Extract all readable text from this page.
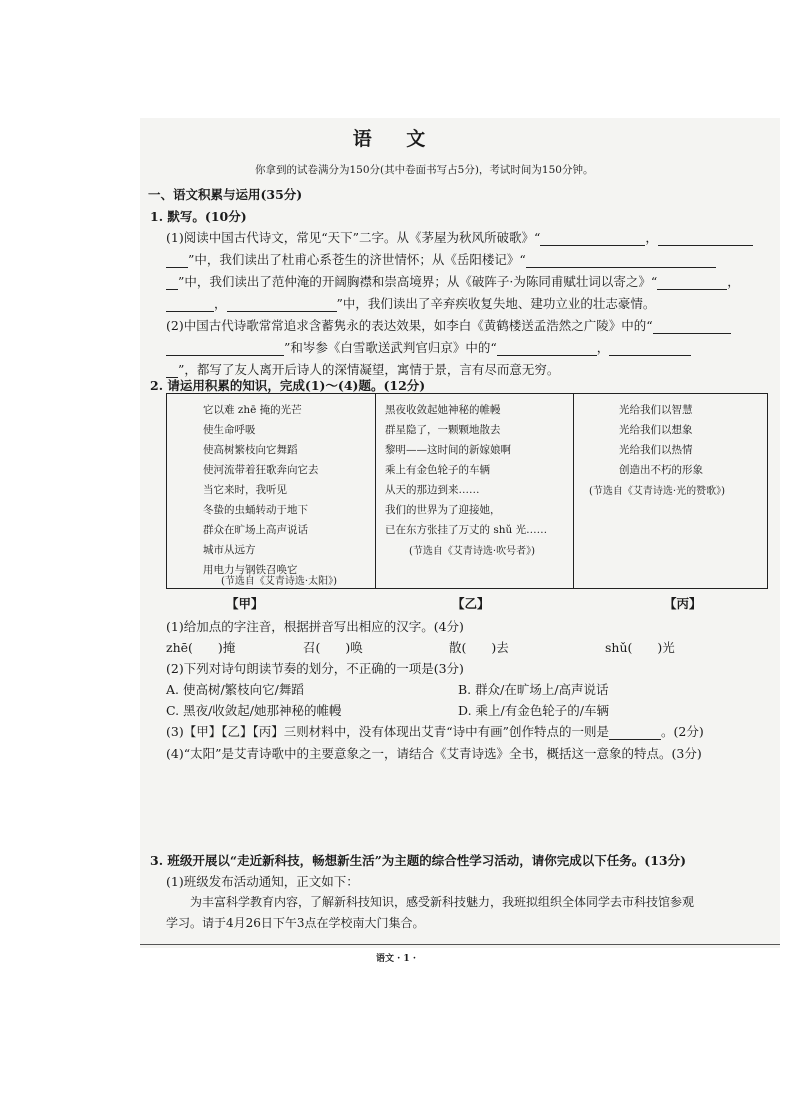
语 文
你拿到的试卷满分为150分(其中卷面书写占5分)，考试时间为150分钟。
一、语文积累与运用(35分)
1. 默写。(10分)
(1)阅读中国古代诗文，常见“天下”二字。从《茅屋为秋风所破歌》“	，
”中，我们读出了杜甫心系苍生的济世情怀；从《岳阳楼记》“
”中，我们读出了范仲淹的开阔胸襟和崇高境界；从《破阵子·为陈同甫赋壮词以寄之》“	，
，	”中，我们读出了辛弃疾收复失地、建功立业的壮志豪情。
(2)中国古代诗歌常常追求含蓄隽永的表达效果，如李白《黄鹤楼送孟浩然之广陵》中的“
”和岑参《白雪歌送武判官归京》中的“	，
”，都写了友人离开后诗人的深情凝望，寓情于景，言有尽而意无穷。
2. 请运用积累的知识，完成(1)～(4)题。(12分)
它以难 zhē 掩的光芒
使生命呼吸
使高树繁枝向它舞蹈
使河流带着狂歌奔向它去
当它来时，我听见
冬蛰的虫蛹转动于地下
群众在旷场上高声说话
城市从远方
用电力与钢铁召唤它
(节选自《艾青诗选·太阳》)
黑夜收敛起她神秘的帷幔
群星隐了，一颗颗地散去
黎明——这时间的新嫁娘啊
乘上有金色轮子的车辆
从天的那边到来……
我们的世界为了迎接她，
已在东方张挂了万丈的 shǔ 光……
(节选自《艾青诗选·吹号者》)
光给我们以智慧
光给我们以想象
光给我们以热情
创造出不朽的形象
(节选自《艾青诗选·光的赞歌》)
【甲】	【乙】	【丙】
(1)给加点的字注音，根据拼音写出相应的汉字。(4分)
zhē(　　)掩	召(　　)唤	散(　　)去	shǔ(　　)光
(2)下列对诗句朗读节奏的划分，不正确的一项是(3分)
A. 使高树/繁枝向它/舞蹈	B. 群众/在旷场上/高声说话
C. 黑夜/收敛起/她那神秘的帷幔	D. 乘上/有金色轮子的/车辆
(3)【甲】【乙】【丙】三则材料中，没有体现出艾青“诗中有画”创作特点的一则是	。(2分)
(4)“太阳”是艾青诗歌中的主要意象之一，请结合《艾青诗选》全书，概括这一意象的特点。(3分)
3. 班级开展以“走近新科技，畅想新生活”为主题的综合性学习活动，请你完成以下任务。(13分)
(1)班级发布活动通知，正文如下：
为丰富科学教育内容，了解新科技知识，感受新科技魅力，我班拟组织全体同学去市科技馆参观
学习。请于4月26日下午3点在学校南大门集合。
语文 · 1 ·
